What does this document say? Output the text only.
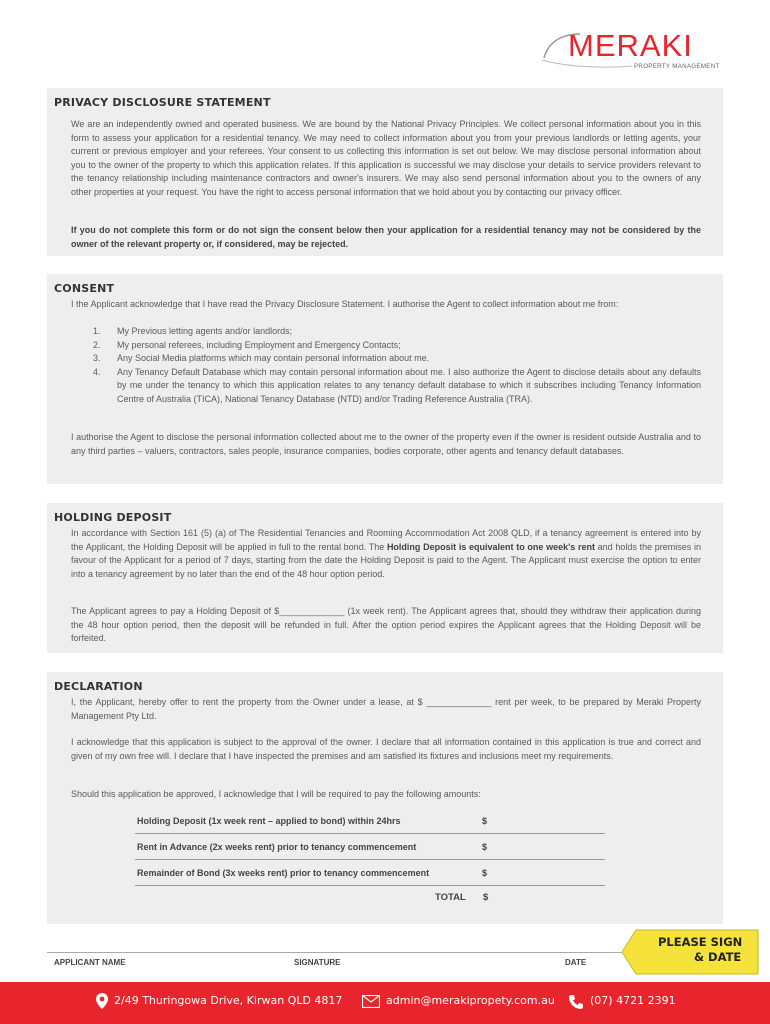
MERAKI
PROPERTY MANAGEMENT
PRIVACY DISCLOSURE STATEMENT
We are an independently owned and operated business. We are bound by the National Privacy Principles. We collect personal information about you in this form to assess your application for a residential tenancy. We may need to collect information about you from your previous landlords or letting agents, your current or previous employer and your referees. Your consent to us collecting this information is set out below. We may disclose personal information about you to the owner of the property to which this application relates. If this application is successful we may disclose your details to service providers relevant to the tenancy relationship including maintenance contractors and owner's insurers. We may also send personal information about you to the owners of any other properties at your request. You have the right to access personal information that we hold about you by contacting our privacy officer.
If you do not complete this form or do not sign the consent below then your application for a residential tenancy may not be considered by the owner of the relevant property or, if considered, may be rejected.
CONSENT
I the Applicant acknowledge that I have read the Privacy Disclosure Statement. I authorise the Agent to collect information about me from:
1. My Previous letting agents and/or landlords;
2. My personal referees, including Employment and Emergency Contacts;
3. Any Social Media platforms which may contain personal information about me.
4. Any Tenancy Default Database which may contain personal information about me. I also authorize the Agent to disclose details about any defaults by me under the tenancy to which this application relates to any tenancy default database to which it subscribes including Tenancy Information Centre of Australia (TICA), National Tenancy Database (NTD) and/or Trading Reference Australia (TRA).
I authorise the Agent to disclose the personal information collected about me to the owner of the property even if the owner is resident outside Australia and to any third parties – valuers, contractors, sales people, insurance companies, bodies corporate, other agents and tenancy default databases.
HOLDING DEPOSIT
In accordance with Section 161 (5) (a) of The Residential Tenancies and Rooming Accommodation Act 2008 QLD, if a tenancy agreement is entered into by the Applicant, the Holding Deposit will be applied in full to the rental bond. The Holding Deposit is equivalent to one week's rent and holds the premises in favour of the Applicant for a period of 7 days, starting from the date the Holding Deposit is paid to the Agent. The Applicant must exercise the option to enter into a tenancy agreement by no later than the end of the 48 hour option period.
The Applicant agrees to pay a Holding Deposit of $_____________ (1x week rent). The Applicant agrees that, should they withdraw their application during the 48 hour option period, then the deposit will be refunded in full. After the option period expires the Applicant agrees that the Holding Deposit will be forfeited.
DECLARATION
I, the Applicant, hereby offer to rent the property from the Owner under a lease, at $ _____________ rent per week, to be prepared by Meraki Property Management Pty Ltd.
I acknowledge that this application is subject to the approval of the owner. I declare that all information contained in this application is true and correct and given of my own free will. I declare that I have inspected the premises and am satisfied its fixtures and inclusions meet my requirements.
Should this application be approved, I acknowledge that I will be required to pay the following amounts:
Holding Deposit (1x week rent – applied to bond) within 24hrs	$
Rent in Advance (2x weeks rent) prior to tenancy commencement	$
Remainder of Bond (3x weeks rent) prior to tenancy commencement	$
TOTAL $
APPLICANT NAME	SIGNATURE	DATE
PLEASE SIGN
& DATE
2/49 Thuringowa Drive, Kirwan QLD 4817	admin@merakipropety.com.au	(07) 4721 2391
